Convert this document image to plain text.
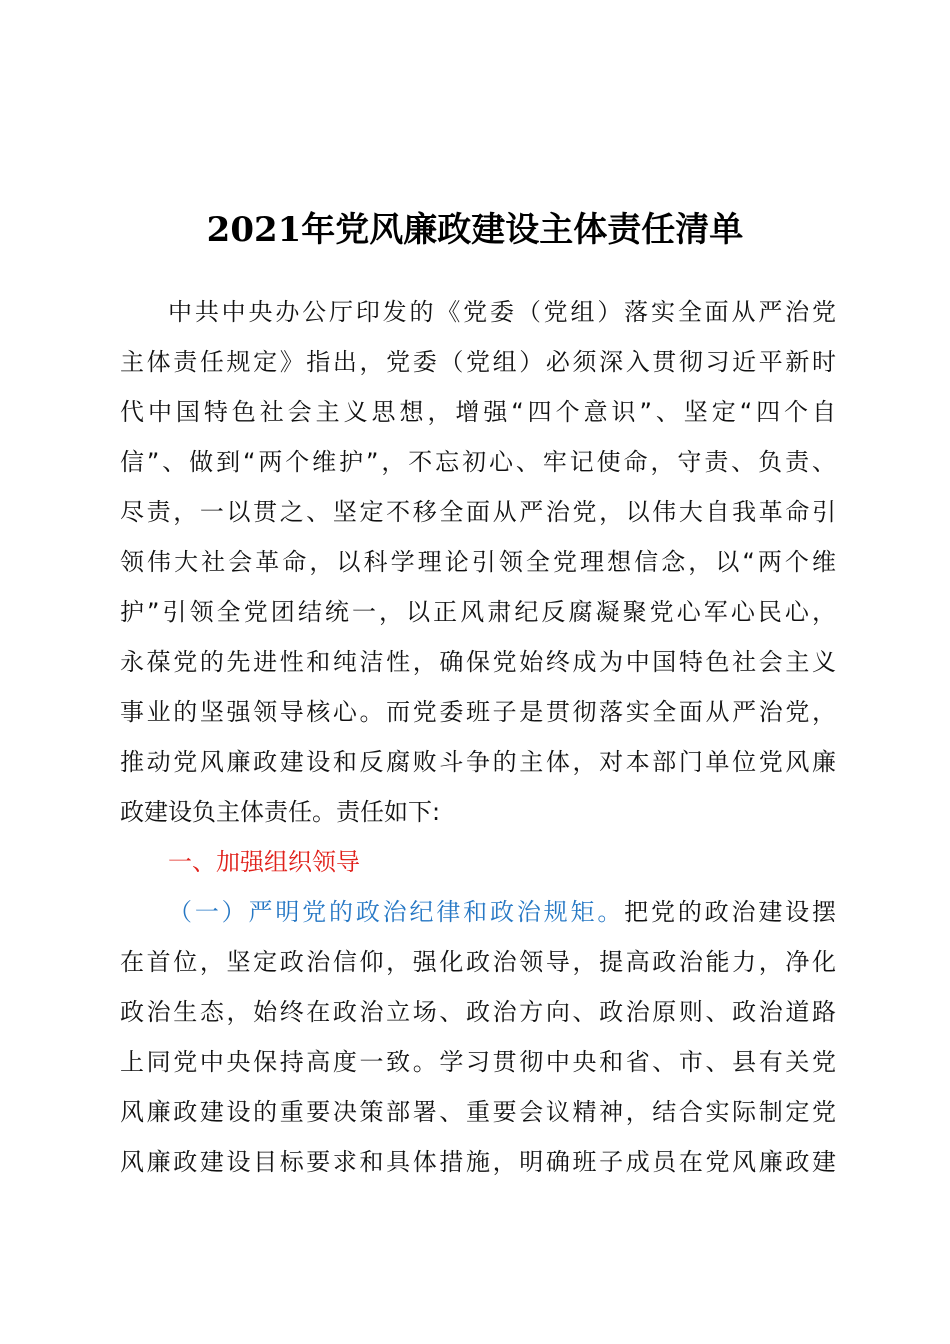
2021年党风廉政建设主体责任清单
中共中央办公厅印发的《党委（党组）落实全面从严治党
主体责任规定》指出，党委（党组）必须深入贯彻习近平新时
代中国特色社会主义思想，增强“四个意识”、坚定“四个自
信”、做到“两个维护”，不忘初心、牢记使命，守责、负责、
尽责，一以贯之、坚定不移全面从严治党，以伟大自我革命引
领伟大社会革命，以科学理论引领全党理想信念，以“两个维
护”引领全党团结统一，以正风肃纪反腐凝聚党心军心民心，
永葆党的先进性和纯洁性，确保党始终成为中国特色社会主义
事业的坚强领导核心。而党委班子是贯彻落实全面从严治党，
推动党风廉政建设和反腐败斗争的主体，对本部门单位党风廉
政建设负主体责任。责任如下:
一、加强组织领导
（一）严明党的政治纪律和政治规矩。把党的政治建设摆
在首位，坚定政治信仰，强化政治领导，提高政治能力，净化
政治生态，始终在政治立场、政治方向、政治原则、政治道路
上同党中央保持高度一致。学习贯彻中央和省、市、县有关党
风廉政建设的重要决策部署、重要会议精神，结合实际制定党
风廉政建设目标要求和具体措施，明确班子成员在党风廉政建
